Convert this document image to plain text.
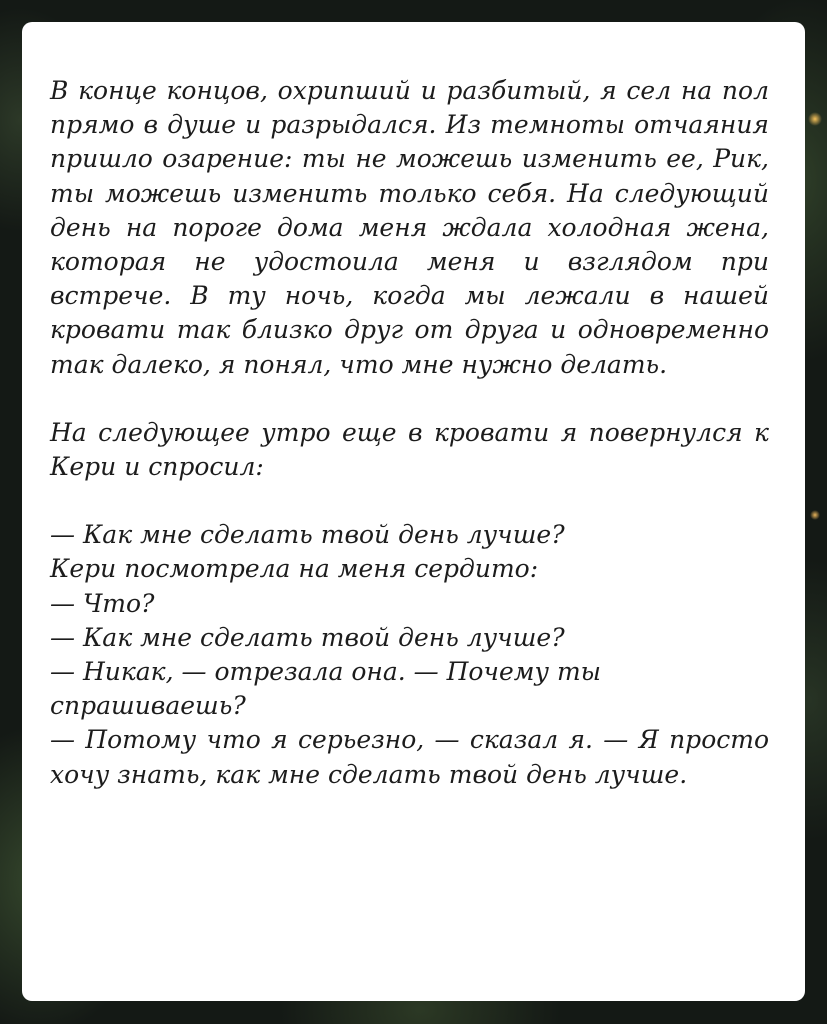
В конце концов, охрипший и разбитый, я сел на пол прямо в душе и разрыдался. Из темноты отчаяния пришло озарение: ты не можешь изменить ее, Рик, ты можешь изменить только себя. На следующий день на пороге дома меня ждала холодная жена, которая не удостоила меня и взглядом при встрече. В ту ночь, когда мы лежали в нашей кровати так близко друг от друга и одновременно так далеко, я понял, что мне нужно делать.

На следующее утро еще в кровати я повернулся к Кери и спросил:

— Как мне сделать твой день лучше?

Кери посмотрела на меня сердито:

— Что?

— Как мне сделать твой день лучше?

— Никак, — отрезала она. — Почему ты спрашиваешь?

— Потому что я серьезно, — сказал я. — Я просто хочу знать, как мне сделать твой день лучше.
